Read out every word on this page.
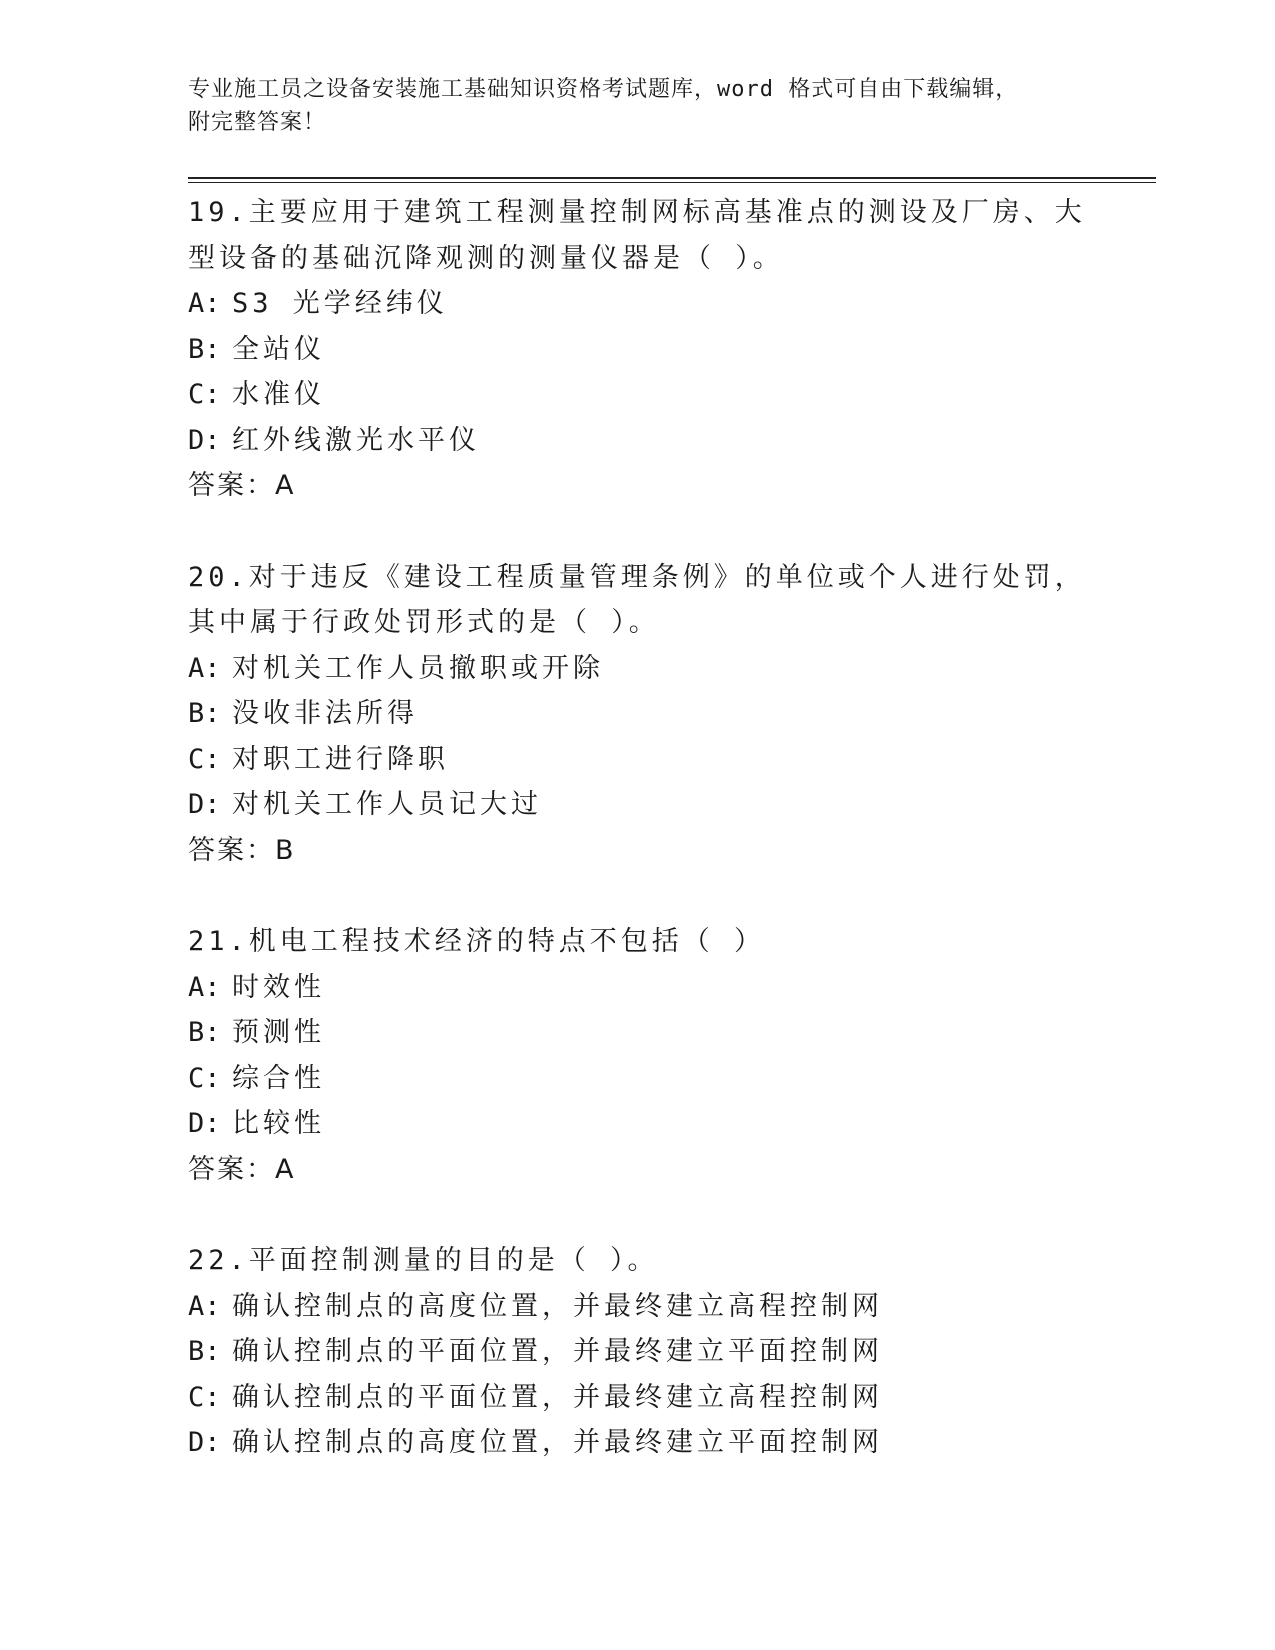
专业施工员之设备安装施工基础知识资格考试题库，word 格式可自由下载编辑，
附完整答案！
19.主要应用于建筑工程测量控制网标高基准点的测设及厂房、大型设备的基础沉降观测的测量仪器是（ ）。
A: S3 光学经纬仪
B: 全站仪
C: 水准仪
D: 红外线激光水平仪
答案：A
20.对于违反《建设工程质量管理条例》的单位或个人进行处罚，其中属于行政处罚形式的是（ ）。
A: 对机关工作人员撤职或开除
B: 没收非法所得
C: 对职工进行降职
D: 对机关工作人员记大过
答案：B
21.机电工程技术经济的特点不包括（ ）
A: 时效性
B: 预测性
C: 综合性
D: 比较性
答案：A
22.平面控制测量的目的是（ ）。
A: 确认控制点的高度位置，并最终建立高程控制网
B: 确认控制点的平面位置，并最终建立平面控制网
C: 确认控制点的平面位置，并最终建立高程控制网
D: 确认控制点的高度位置，并最终建立平面控制网
